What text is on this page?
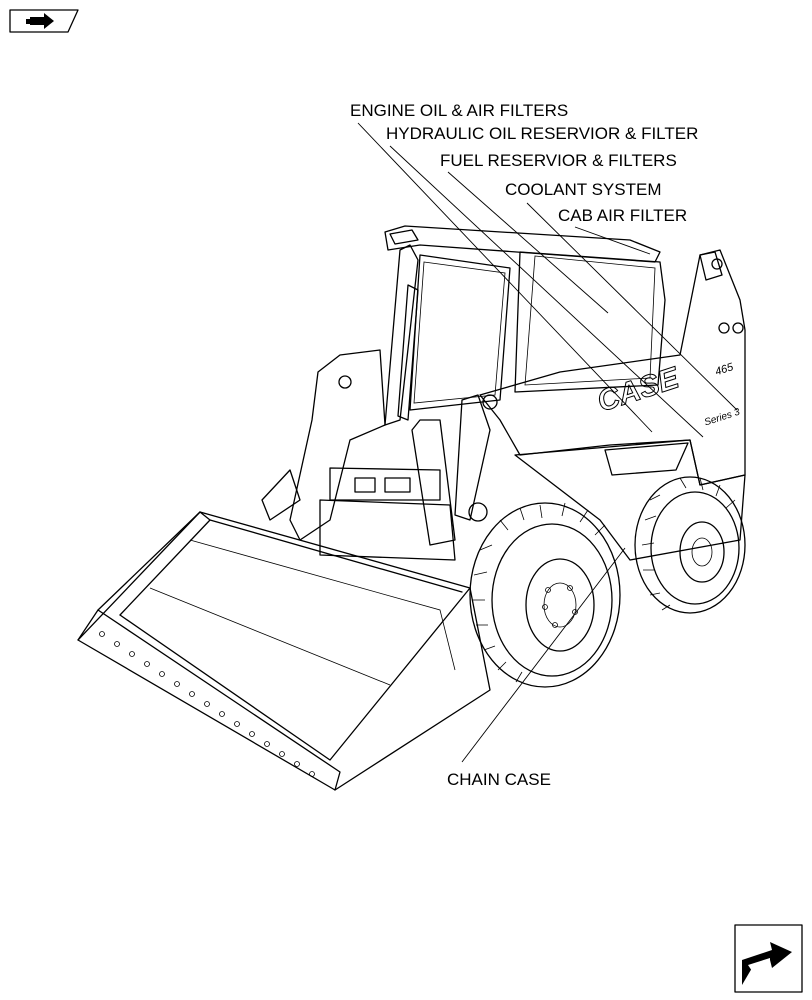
ENGINE OIL & AIR FILTERS
HYDRAULIC OIL RESERVIOR & FILTER
FUEL RESERVIOR & FILTERS
COOLANT SYSTEM
CAB AIR FILTER
CHAIN CASE
CASE	465
Series 3
